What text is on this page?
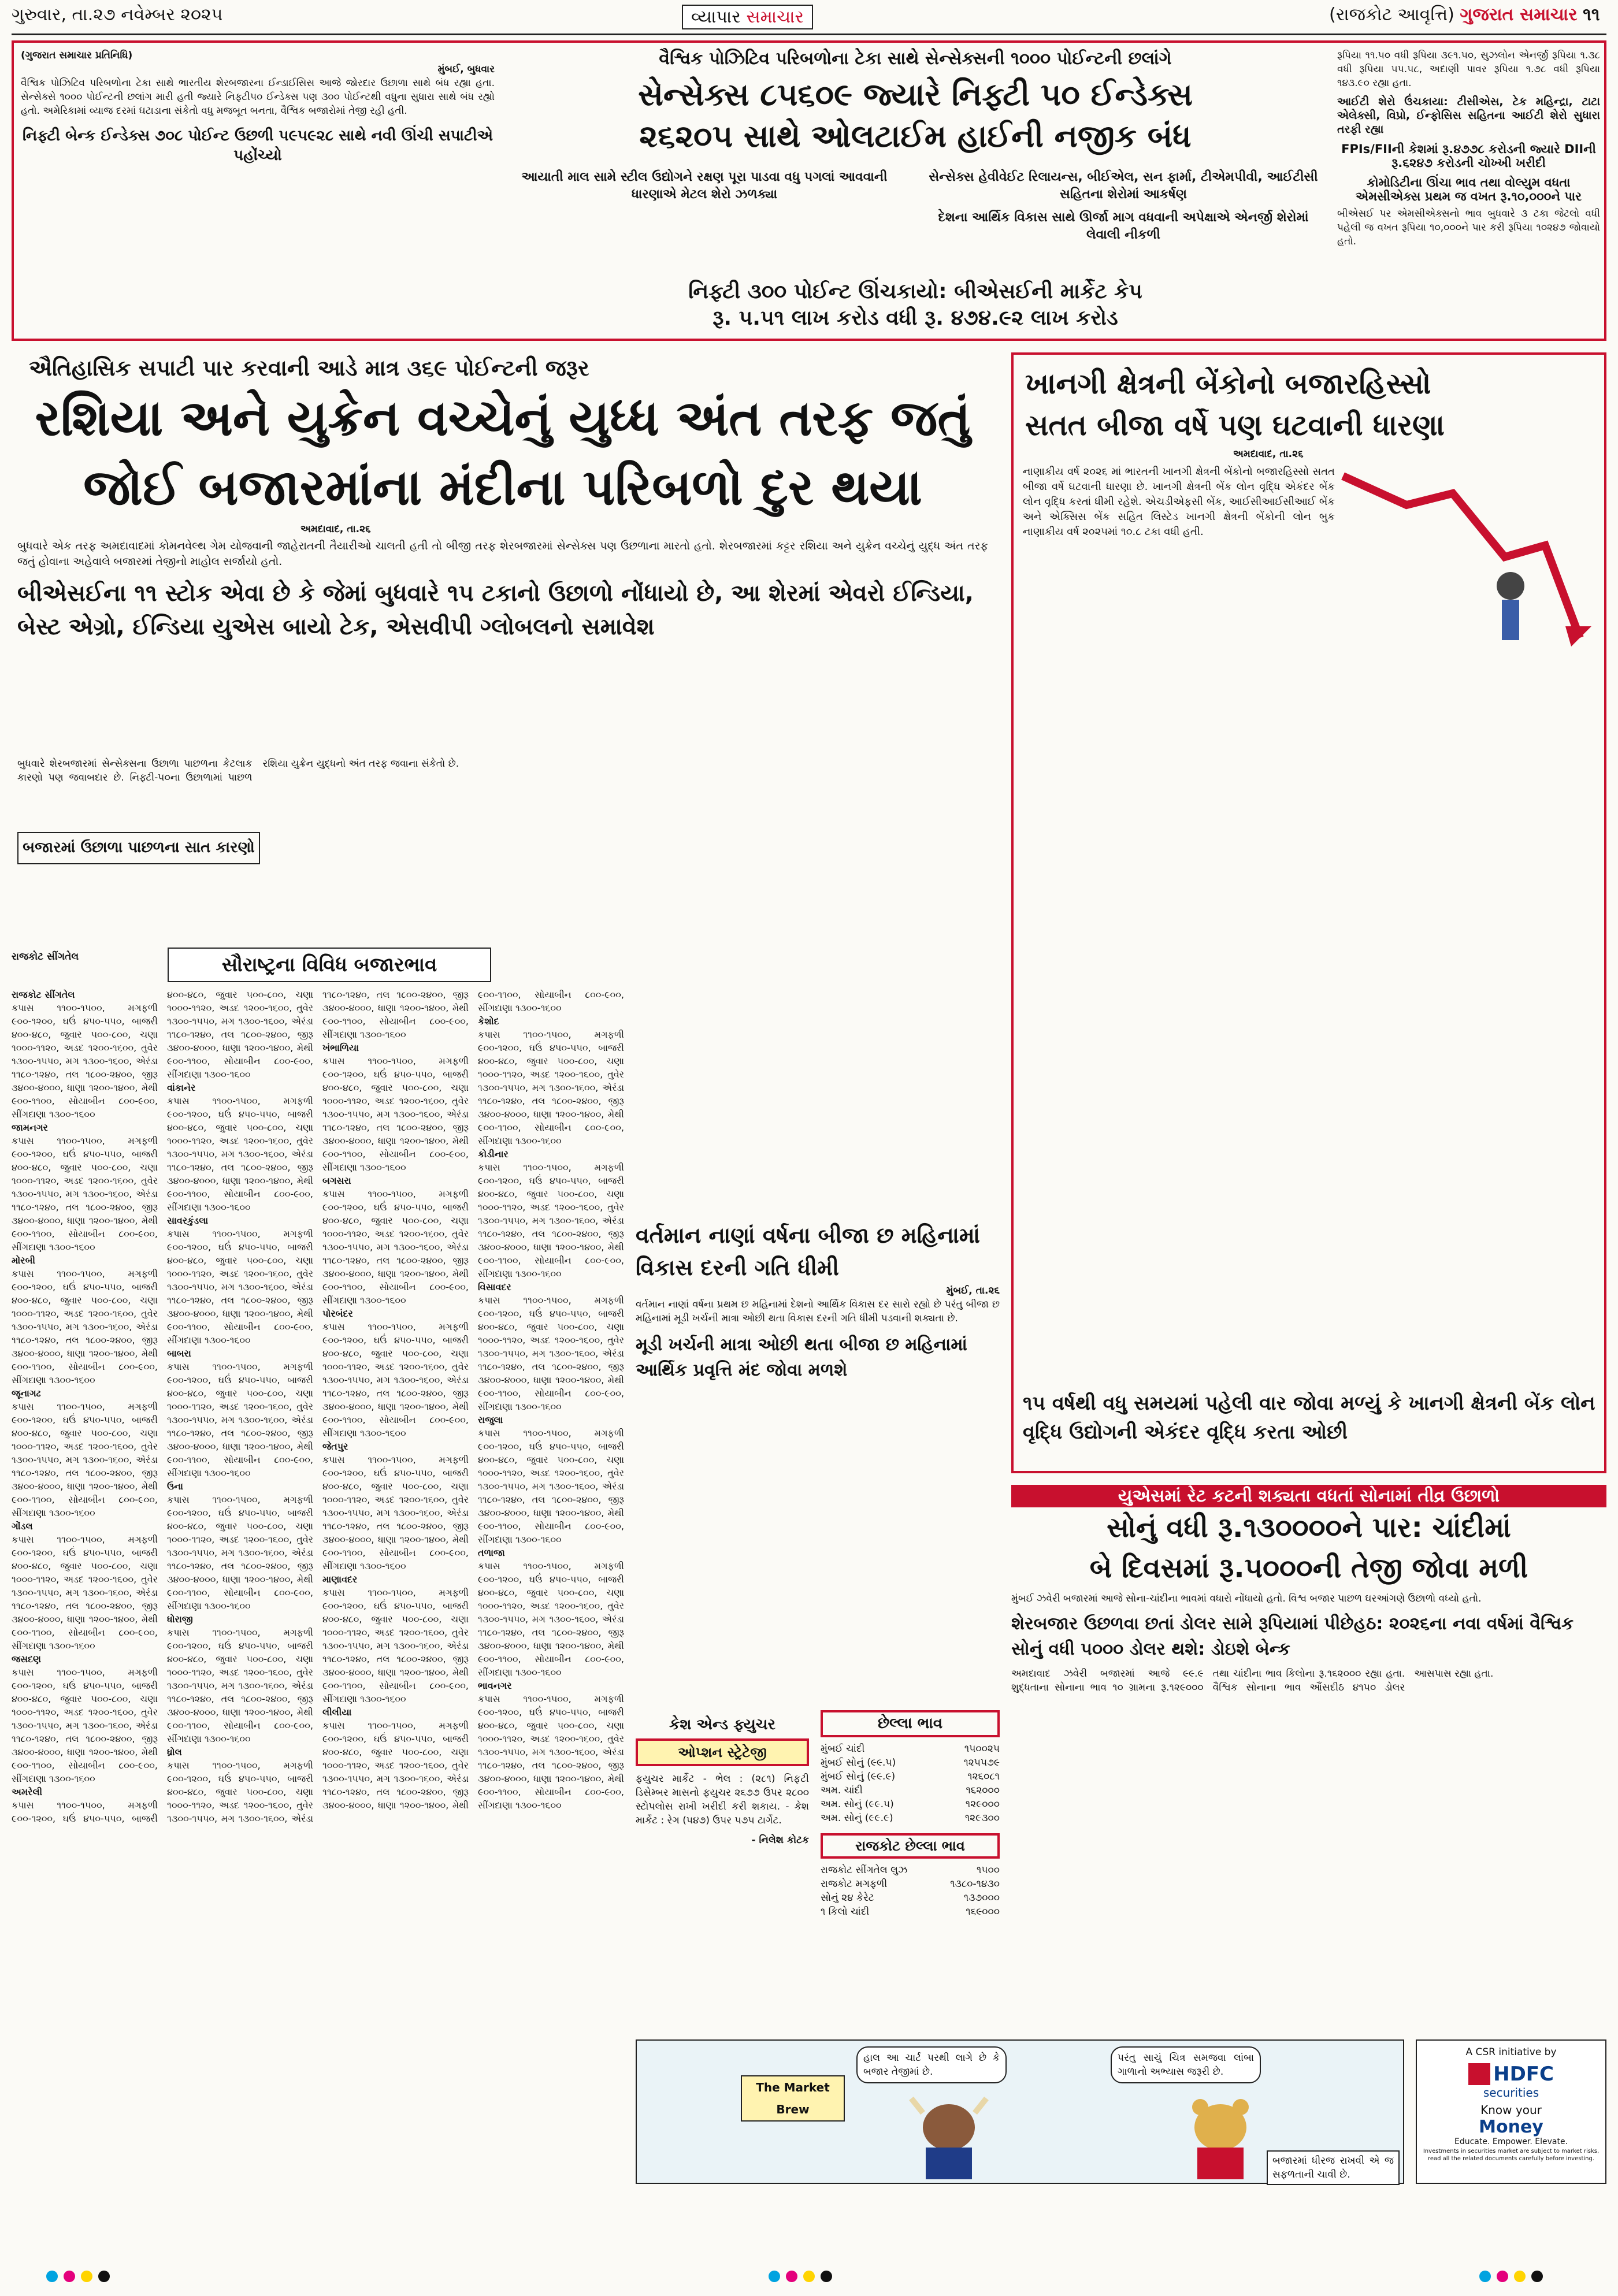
ગુરુવાર, તા.૨૭ નવેમ્બર ૨૦૨૫	વ્યાપાર સમાચાર	(રાજકોટ આવૃત્તિ) ગુજરાત સમાચાર ૧૧
(ગુજરાત સમાચાર પ્રતિનિધિ)
મુંબઈ, બુધવાર
વૈશ્વિક પોઝિટિવ પરિબળોના ટેકા સાથે ભારતીય શેરબજારના ઈન્ડાઈસિસ આજે જોરદાર ઉછાળા સાથે બંધ રહ્યા હતા. સેન્સેક્સે ૧૦૦૦ પોઈન્ટની છલાંગ મારી હતી જ્યારે નિફ્ટી૫૦ ઈન્ડેક્સ પણ ૩૦૦ પોઈન્ટથી વધુના સુધારા સાથે બંધ રહ્યો હતો. અમેરિકામાં વ્યાજ દરમાં ઘટાડાના સંકેતો વધુ મજબૂત બનતા, વૈશ્વિક બજારોમાં તેજી રહી હતી.
નિફ્ટી બેન્ક ઈન્ડેક્સ ૭૦૮ પોઈન્ટ ઉછળી ૫૯૫૯૨૮ સાથે નવી ઊંચી સપાટીએ પહોંચ્યો
વૈશ્વિક પોઝિટિવ પરિબળોના ટેકા સાથે સેન્સેક્સની ૧૦૦૦ પોઈન્ટની છલાંગે
સેન્સેક્સ ૮૫૬૦૯ જ્યારે નિફ્ટી ૫૦ ઈન્ડેક્સ
૨૬૨૦૫ સાથે ઓલટાઈમ હાઈની નજીક બંધ
આયાતી માલ સામે સ્ટીલ ઉદ્યોગને રક્ષણ પૂરા પાડવા વધુ પગલાં આવવાની ધારણાએ મેટલ શેરો ઝળક્યા
સેન્સેક્સ હેવીવેઈટ રિલાયન્સ, બીઈએલ, સન ફાર્મા, ટીએમપીવી, આઈટીસી સહિતના શેરોમાં આકર્ષણ
દેશના આર્થિક વિકાસ સાથે ઊર્જા માગ વધવાની અપેક્ષાએ એનર્જી શેરોમાં લેવાલી નીકળી
નિફ્ટી ૩૦૦ પોઈન્ટ ઊંચકાયો: બીએસઈની માર્કેટ કેપ
રૂ. ૫.૫૧ લાખ કરોડ વધી રૂ. ૪૭૪.૯૨ લાખ કરોડ
રૂપિયા ૧૧.૫૦ વધી રૂપિયા ૩૯૧.૫૦, સુઝલોન એનર્જી રૂપિયા ૧.૩૮ વધી રૂપિયા ૫૫.૫૮, અદાણી પાવર રૂપિયા ૧.૭૮ વધી રૂપિયા ૧૪૩.૯૦ રહ્યા હતા.
આઈટી શેરો ઉંચકાયા: ટીસીએસ, ટેક મહિન્દ્રા, ટાટા એલેક્સી, વિપ્રો, ઈન્ફોસિસ સહિતના આઈટી શેરો સુધારા તરફી રહ્યા
FPIs/FIIની કેશમાં રૂ.૪૭૭૮ કરોડની જ્યારે DIIની રૂ.૬૨૪૭ કરોડની ચોખ્ખી ખરીદી
કોમોડિટીના ઊંચા ભાવ તથા વોલ્યુમ વધતા એમસીએક્સ પ્રથમ જ વખત રૂ.૧૦,૦૦૦ને પાર
બીએસઈ પર એમસીએક્સનો ભાવ બુધવારે ૩ ટકા જેટલો વધી પહેલી જ વખત રૂપિયા ૧૦,૦૦૦ને પાર કરી રૂપિયા ૧૦૨૪૭ જોવાયો હતો.
ઐતિહાસિક સપાટી પાર કરવાની આડે માત્ર ૩૬૯ પોઈન્ટની જરૂર
રશિયા અને યુક્રેન વચ્ચેનું યુધ્ધ અંત તરફ જતું
જોઈ બજારમાંના મંદીના પરિબળો દુર થયા
અમદાવાદ, તા.૨૬
બુધવારે એક તરફ અમદાવાદમાં કોમનવેલ્થ ગેમ યોજવાની જાહેરાતની તૈયારીઓ ચાલતી હતી તો બીજી તરફ શેરબજારમાં સેન્સેક્સ પણ ઉછળાના મારતો હતો. શેરબજારમાં કટ્ટર રશિયા અને યુક્રેન વચ્ચેનું યુદ્ધ અંત તરફ જતું હોવાના અહેવાલે બજારમાં તેજીનો માહોલ સર્જાયો હતો.
બીએસઈના ૧૧ સ્ટોક એવા છે કે જેમાં બુધવારે ૧૫ ટકાનો ઉછાળો નોંધાયો છે, આ શેરમાં એવરો ઈન્ડિયા, બેસ્ટ એગ્રો, ઈન્ડિયા યુએસ બાયો ટેક, એસવીપી ગ્લોબલનો સમાવેશ
બુધવારે શેરબજારમાં સેન્સેક્સના ઉછાળા પાછળના કેટલાક કારણો પણ જવાબદાર છે. નિફ્ટી-૫૦ના ઉછાળામાં પાછળ રશિયા યુક્રેન યુદ્ધનો અંત તરફ જવાના સંકેતો છે.
બજારમાં ઉછાળા પાછળના સાત કારણો
ખાનગી ક્ષેત્રની બેંકોનો બજારહિસ્સો
સતત બીજા વર્ષે પણ ઘટવાની ધારણા
અમદાવાદ, તા.૨૬
નાણાકીય વર્ષ ૨૦૨૬ માં ભારતની ખાનગી ક્ષેત્રની બેંકોનો બજારહિસ્સો સતત બીજા વર્ષે ઘટવાની ધારણા છે. ખાનગી ક્ષેત્રની બેંક લોન વૃદ્ધિ એકંદર બેંક લોન વૃદ્ધિ કરતાં ધીમી રહેશે. એચડીએફસી બેંક, આઈસીઆઈસીઆઈ બેંક અને એક્સિસ બેંક સહિત લિસ્ટેડ ખાનગી ક્ષેત્રની બેંકોની લોન બુક નાણાકીય વર્ષ ૨૦૨૫માં ૧૦.૮ ટકા વધી હતી.
૧૫ વર્ષથી વધુ સમયમાં પહેલી વાર જોવા મળ્યું કે ખાનગી ક્ષેત્રની બેંક લોન વૃદ્ધિ ઉદ્યોગની એકંદર વૃદ્ધિ કરતા ઓછી
રાજકોટ સીંગતેલ	સૌરાષ્ટ્રના વિવિધ બજારભાવ
રાજકોટ સીંગતેલ
કપાસ ૧૧૦૦-૧૫૦૦, મગફળી ૯૦૦-૧૨૦૦, ઘઉં ૪૫૦-૫૫૦, બાજરી ૪૦૦-૪૮૦, જુવાર ૫૦૦-૮૦૦, ચણા ૧૦૦૦-૧૧૨૦, અડદ ૧૨૦૦-૧૬૦૦, તુવેર ૧૩૦૦-૧૫૫૦, મગ ૧૩૦૦-૧૬૦૦, એરંડા ૧૧૮૦-૧૨૪૦, તલ ૧૮૦૦-૨૪૦૦, જીરૂ ૩૪૦૦-૪૦૦૦, ધાણા ૧૨૦૦-૧૪૦૦, મેથી ૯૦૦-૧૧૦૦, સોયાબીન ૮૦૦-૯૦૦, સીંગદાણા ૧૩૦૦-૧૬૦૦
જામનગર
કપાસ ૧૧૦૦-૧૫૦૦, મગફળી ૯૦૦-૧૨૦૦, ઘઉં ૪૫૦-૫૫૦, બાજરી ૪૦૦-૪૮૦, જુવાર ૫૦૦-૮૦૦, ચણા ૧૦૦૦-૧૧૨૦, અડદ ૧૨૦૦-૧૬૦૦, તુવેર ૧૩૦૦-૧૫૫૦, મગ ૧૩૦૦-૧૬૦૦, એરંડા ૧૧૮૦-૧૨૪૦, તલ ૧૮૦૦-૨૪૦૦, જીરૂ ૩૪૦૦-૪૦૦૦, ધાણા ૧૨૦૦-૧૪૦૦, મેથી ૯૦૦-૧૧૦૦, સોયાબીન ૮૦૦-૯૦૦, સીંગદાણા ૧૩૦૦-૧૬૦૦
મોરબી
કપાસ ૧૧૦૦-૧૫૦૦, મગફળી ૯૦૦-૧૨૦૦, ઘઉં ૪૫૦-૫૫૦, બાજરી ૪૦૦-૪૮૦, જુવાર ૫૦૦-૮૦૦, ચણા ૧૦૦૦-૧૧૨૦, અડદ ૧૨૦૦-૧૬૦૦, તુવેર ૧૩૦૦-૧૫૫૦, મગ ૧૩૦૦-૧૬૦૦, એરંડા ૧૧૮૦-૧૨૪૦, તલ ૧૮૦૦-૨૪૦૦, જીરૂ ૩૪૦૦-૪૦૦૦, ધાણા ૧૨૦૦-૧૪૦૦, મેથી ૯૦૦-૧૧૦૦, સોયાબીન ૮૦૦-૯૦૦, સીંગદાણા ૧૩૦૦-૧૬૦૦
જૂનાગઢ
કપાસ ૧૧૦૦-૧૫૦૦, મગફળી ૯૦૦-૧૨૦૦, ઘઉં ૪૫૦-૫૫૦, બાજરી ૪૦૦-૪૮૦, જુવાર ૫૦૦-૮૦૦, ચણા ૧૦૦૦-૧૧૨૦, અડદ ૧૨૦૦-૧૬૦૦, તુવેર ૧૩૦૦-૧૫૫૦, મગ ૧૩૦૦-૧૬૦૦, એરંડા ૧૧૮૦-૧૨૪૦, તલ ૧૮૦૦-૨૪૦૦, જીરૂ ૩૪૦૦-૪૦૦૦, ધાણા ૧૨૦૦-૧૪૦૦, મેથી ૯૦૦-૧૧૦૦, સોયાબીન ૮૦૦-૯૦૦, સીંગદાણા ૧૩૦૦-૧૬૦૦
ગોંડલ
કપાસ ૧૧૦૦-૧૫૦૦, મગફળી ૯૦૦-૧૨૦૦, ઘઉં ૪૫૦-૫૫૦, બાજરી ૪૦૦-૪૮૦, જુવાર ૫૦૦-૮૦૦, ચણા ૧૦૦૦-૧૧૨૦, અડદ ૧૨૦૦-૧૬૦૦, તુવેર ૧૩૦૦-૧૫૫૦, મગ ૧૩૦૦-૧૬૦૦, એરંડા ૧૧૮૦-૧૨૪૦, તલ ૧૮૦૦-૨૪૦૦, જીરૂ ૩૪૦૦-૪૦૦૦, ધાણા ૧૨૦૦-૧૪૦૦, મેથી ૯૦૦-૧૧૦૦, સોયાબીન ૮૦૦-૯૦૦, સીંગદાણા ૧૩૦૦-૧૬૦૦
જસદણ
કપાસ ૧૧૦૦-૧૫૦૦, મગફળી ૯૦૦-૧૨૦૦, ઘઉં ૪૫૦-૫૫૦, બાજરી ૪૦૦-૪૮૦, જુવાર ૫૦૦-૮૦૦, ચણા ૧૦૦૦-૧૧૨૦, અડદ ૧૨૦૦-૧૬૦૦, તુવેર ૧૩૦૦-૧૫૫૦, મગ ૧૩૦૦-૧૬૦૦, એરંડા ૧૧૮૦-૧૨૪૦, તલ ૧૮૦૦-૨૪૦૦, જીરૂ ૩૪૦૦-૪૦૦૦, ધાણા ૧૨૦૦-૧૪૦૦, મેથી ૯૦૦-૧૧૦૦, સોયાબીન ૮૦૦-૯૦૦, સીંગદાણા ૧૩૦૦-૧૬૦૦
અમરેલી
કપાસ ૧૧૦૦-૧૫૦૦, મગફળી ૯૦૦-૧૨૦૦, ઘઉં ૪૫૦-૫૫૦, બાજરી ૪૦૦-૪૮૦, જુવાર ૫૦૦-૮૦૦, ચણા ૧૦૦૦-૧૧૨૦, અડદ ૧૨૦૦-૧૬૦૦, તુવેર ૧૩૦૦-૧૫૫૦, મગ ૧૩૦૦-૧૬૦૦, એરંડા ૧૧૮૦-૧૨૪૦, તલ ૧૮૦૦-૨૪૦૦, જીરૂ ૩૪૦૦-૪૦૦૦, ધાણા ૧૨૦૦-૧૪૦૦, મેથી ૯૦૦-૧૧૦૦, સોયાબીન ૮૦૦-૯૦૦, સીંગદાણા ૧૩૦૦-૧૬૦૦
વાંકાનેર
કપાસ ૧૧૦૦-૧૫૦૦, મગફળી ૯૦૦-૧૨૦૦, ઘઉં ૪૫૦-૫૫૦, બાજરી ૪૦૦-૪૮૦, જુવાર ૫૦૦-૮૦૦, ચણા ૧૦૦૦-૧૧૨૦, અડદ ૧૨૦૦-૧૬૦૦, તુવેર ૧૩૦૦-૧૫૫૦, મગ ૧૩૦૦-૧૬૦૦, એરંડા ૧૧૮૦-૧૨૪૦, તલ ૧૮૦૦-૨૪૦૦, જીરૂ ૩૪૦૦-૪૦૦૦, ધાણા ૧૨૦૦-૧૪૦૦, મેથી ૯૦૦-૧૧૦૦, સોયાબીન ૮૦૦-૯૦૦, સીંગદાણા ૧૩૦૦-૧૬૦૦
સાવરકુંડલા
કપાસ ૧૧૦૦-૧૫૦૦, મગફળી ૯૦૦-૧૨૦૦, ઘઉં ૪૫૦-૫૫૦, બાજરી ૪૦૦-૪૮૦, જુવાર ૫૦૦-૮૦૦, ચણા ૧૦૦૦-૧૧૨૦, અડદ ૧૨૦૦-૧૬૦૦, તુવેર ૧૩૦૦-૧૫૫૦, મગ ૧૩૦૦-૧૬૦૦, એરંડા ૧૧૮૦-૧૨૪૦, તલ ૧૮૦૦-૨૪૦૦, જીરૂ ૩૪૦૦-૪૦૦૦, ધાણા ૧૨૦૦-૧૪૦૦, મેથી ૯૦૦-૧૧૦૦, સોયાબીન ૮૦૦-૯૦૦, સીંગદાણા ૧૩૦૦-૧૬૦૦
બાબરા
કપાસ ૧૧૦૦-૧૫૦૦, મગફળી ૯૦૦-૧૨૦૦, ઘઉં ૪૫૦-૫૫૦, બાજરી ૪૦૦-૪૮૦, જુવાર ૫૦૦-૮૦૦, ચણા ૧૦૦૦-૧૧૨૦, અડદ ૧૨૦૦-૧૬૦૦, તુવેર ૧૩૦૦-૧૫૫૦, મગ ૧૩૦૦-૧૬૦૦, એરંડા ૧૧૮૦-૧૨૪૦, તલ ૧૮૦૦-૨૪૦૦, જીરૂ ૩૪૦૦-૪૦૦૦, ધાણા ૧૨૦૦-૧૪૦૦, મેથી ૯૦૦-૧૧૦૦, સોયાબીન ૮૦૦-૯૦૦, સીંગદાણા ૧૩૦૦-૧૬૦૦
ઉના
કપાસ ૧૧૦૦-૧૫૦૦, મગફળી ૯૦૦-૧૨૦૦, ઘઉં ૪૫૦-૫૫૦, બાજરી ૪૦૦-૪૮૦, જુવાર ૫૦૦-૮૦૦, ચણા ૧૦૦૦-૧૧૨૦, અડદ ૧૨૦૦-૧૬૦૦, તુવેર ૧૩૦૦-૧૫૫૦, મગ ૧૩૦૦-૧૬૦૦, એરંડા ૧૧૮૦-૧૨૪૦, તલ ૧૮૦૦-૨૪૦૦, જીરૂ ૩૪૦૦-૪૦૦૦, ધાણા ૧૨૦૦-૧૪૦૦, મેથી ૯૦૦-૧૧૦૦, સોયાબીન ૮૦૦-૯૦૦, સીંગદાણા ૧૩૦૦-૧૬૦૦
ધોરાજી
કપાસ ૧૧૦૦-૧૫૦૦, મગફળી ૯૦૦-૧૨૦૦, ઘઉં ૪૫૦-૫૫૦, બાજરી ૪૦૦-૪૮૦, જુવાર ૫૦૦-૮૦૦, ચણા ૧૦૦૦-૧૧૨૦, અડદ ૧૨૦૦-૧૬૦૦, તુવેર ૧૩૦૦-૧૫૫૦, મગ ૧૩૦૦-૧૬૦૦, એરંડા ૧૧૮૦-૧૨૪૦, તલ ૧૮૦૦-૨૪૦૦, જીરૂ ૩૪૦૦-૪૦૦૦, ધાણા ૧૨૦૦-૧૪૦૦, મેથી ૯૦૦-૧૧૦૦, સોયાબીન ૮૦૦-૯૦૦, સીંગદાણા ૧૩૦૦-૧૬૦૦
ધ્રોલ
કપાસ ૧૧૦૦-૧૫૦૦, મગફળી ૯૦૦-૧૨૦૦, ઘઉં ૪૫૦-૫૫૦, બાજરી ૪૦૦-૪૮૦, જુવાર ૫૦૦-૮૦૦, ચણા ૧૦૦૦-૧૧૨૦, અડદ ૧૨૦૦-૧૬૦૦, તુવેર ૧૩૦૦-૧૫૫૦, મગ ૧૩૦૦-૧૬૦૦, એરંડા ૧૧૮૦-૧૨૪૦, તલ ૧૮૦૦-૨૪૦૦, જીરૂ ૩૪૦૦-૪૦૦૦, ધાણા ૧૨૦૦-૧૪૦૦, મેથી ૯૦૦-૧૧૦૦, સોયાબીન ૮૦૦-૯૦૦, સીંગદાણા ૧૩૦૦-૧૬૦૦
ખંભાળિયા
કપાસ ૧૧૦૦-૧૫૦૦, મગફળી ૯૦૦-૧૨૦૦, ઘઉં ૪૫૦-૫૫૦, બાજરી ૪૦૦-૪૮૦, જુવાર ૫૦૦-૮૦૦, ચણા ૧૦૦૦-૧૧૨૦, અડદ ૧૨૦૦-૧૬૦૦, તુવેર ૧૩૦૦-૧૫૫૦, મગ ૧૩૦૦-૧૬૦૦, એરંડા ૧૧૮૦-૧૨૪૦, તલ ૧૮૦૦-૨૪૦૦, જીરૂ ૩૪૦૦-૪૦૦૦, ધાણા ૧૨૦૦-૧૪૦૦, મેથી ૯૦૦-૧૧૦૦, સોયાબીન ૮૦૦-૯૦૦, સીંગદાણા ૧૩૦૦-૧૬૦૦
બગસરા
કપાસ ૧૧૦૦-૧૫૦૦, મગફળી ૯૦૦-૧૨૦૦, ઘઉં ૪૫૦-૫૫૦, બાજરી ૪૦૦-૪૮૦, જુવાર ૫૦૦-૮૦૦, ચણા ૧૦૦૦-૧૧૨૦, અડદ ૧૨૦૦-૧૬૦૦, તુવેર ૧૩૦૦-૧૫૫૦, મગ ૧૩૦૦-૧૬૦૦, એરંડા ૧૧૮૦-૧૨૪૦, તલ ૧૮૦૦-૨૪૦૦, જીરૂ ૩૪૦૦-૪૦૦૦, ધાણા ૧૨૦૦-૧૪૦૦, મેથી ૯૦૦-૧૧૦૦, સોયાબીન ૮૦૦-૯૦૦, સીંગદાણા ૧૩૦૦-૧૬૦૦
પોરબંદર
કપાસ ૧૧૦૦-૧૫૦૦, મગફળી ૯૦૦-૧૨૦૦, ઘઉં ૪૫૦-૫૫૦, બાજરી ૪૦૦-૪૮૦, જુવાર ૫૦૦-૮૦૦, ચણા ૧૦૦૦-૧૧૨૦, અડદ ૧૨૦૦-૧૬૦૦, તુવેર ૧૩૦૦-૧૫૫૦, મગ ૧૩૦૦-૧૬૦૦, એરંડા ૧૧૮૦-૧૨૪૦, તલ ૧૮૦૦-૨૪૦૦, જીરૂ ૩૪૦૦-૪૦૦૦, ધાણા ૧૨૦૦-૧૪૦૦, મેથી ૯૦૦-૧૧૦૦, સોયાબીન ૮૦૦-૯૦૦, સીંગદાણા ૧૩૦૦-૧૬૦૦
જેતપુર
કપાસ ૧૧૦૦-૧૫૦૦, મગફળી ૯૦૦-૧૨૦૦, ઘઉં ૪૫૦-૫૫૦, બાજરી ૪૦૦-૪૮૦, જુવાર ૫૦૦-૮૦૦, ચણા ૧૦૦૦-૧૧૨૦, અડદ ૧૨૦૦-૧૬૦૦, તુવેર ૧૩૦૦-૧૫૫૦, મગ ૧૩૦૦-૧૬૦૦, એરંડા ૧૧૮૦-૧૨૪૦, તલ ૧૮૦૦-૨૪૦૦, જીરૂ ૩૪૦૦-૪૦૦૦, ધાણા ૧૨૦૦-૧૪૦૦, મેથી ૯૦૦-૧૧૦૦, સોયાબીન ૮૦૦-૯૦૦, સીંગદાણા ૧૩૦૦-૧૬૦૦
માણાવદર
કપાસ ૧૧૦૦-૧૫૦૦, મગફળી ૯૦૦-૧૨૦૦, ઘઉં ૪૫૦-૫૫૦, બાજરી ૪૦૦-૪૮૦, જુવાર ૫૦૦-૮૦૦, ચણા ૧૦૦૦-૧૧૨૦, અડદ ૧૨૦૦-૧૬૦૦, તુવેર ૧૩૦૦-૧૫૫૦, મગ ૧૩૦૦-૧૬૦૦, એરંડા ૧૧૮૦-૧૨૪૦, તલ ૧૮૦૦-૨૪૦૦, જીરૂ ૩૪૦૦-૪૦૦૦, ધાણા ૧૨૦૦-૧૪૦૦, મેથી ૯૦૦-૧૧૦૦, સોયાબીન ૮૦૦-૯૦૦, સીંગદાણા ૧૩૦૦-૧૬૦૦
લીલીયા
કપાસ ૧૧૦૦-૧૫૦૦, મગફળી ૯૦૦-૧૨૦૦, ઘઉં ૪૫૦-૫૫૦, બાજરી ૪૦૦-૪૮૦, જુવાર ૫૦૦-૮૦૦, ચણા ૧૦૦૦-૧૧૨૦, અડદ ૧૨૦૦-૧૬૦૦, તુવેર ૧૩૦૦-૧૫૫૦, મગ ૧૩૦૦-૧૬૦૦, એરંડા ૧૧૮૦-૧૨૪૦, તલ ૧૮૦૦-૨૪૦૦, જીરૂ ૩૪૦૦-૪૦૦૦, ધાણા ૧૨૦૦-૧૪૦૦, મેથી ૯૦૦-૧૧૦૦, સોયાબીન ૮૦૦-૯૦૦, સીંગદાણા ૧૩૦૦-૧૬૦૦
કેશોદ
કપાસ ૧૧૦૦-૧૫૦૦, મગફળી ૯૦૦-૧૨૦૦, ઘઉં ૪૫૦-૫૫૦, બાજરી ૪૦૦-૪૮૦, જુવાર ૫૦૦-૮૦૦, ચણા ૧૦૦૦-૧૧૨૦, અડદ ૧૨૦૦-૧૬૦૦, તુવેર ૧૩૦૦-૧૫૫૦, મગ ૧૩૦૦-૧૬૦૦, એરંડા ૧૧૮૦-૧૨૪૦, તલ ૧૮૦૦-૨૪૦૦, જીરૂ ૩૪૦૦-૪૦૦૦, ધાણા ૧૨૦૦-૧૪૦૦, મેથી ૯૦૦-૧૧૦૦, સોયાબીન ૮૦૦-૯૦૦, સીંગદાણા ૧૩૦૦-૧૬૦૦
કોડીનાર
કપાસ ૧૧૦૦-૧૫૦૦, મગફળી ૯૦૦-૧૨૦૦, ઘઉં ૪૫૦-૫૫૦, બાજરી ૪૦૦-૪૮૦, જુવાર ૫૦૦-૮૦૦, ચણા ૧૦૦૦-૧૧૨૦, અડદ ૧૨૦૦-૧૬૦૦, તુવેર ૧૩૦૦-૧૫૫૦, મગ ૧૩૦૦-૧૬૦૦, એરંડા ૧૧૮૦-૧૨૪૦, તલ ૧૮૦૦-૨૪૦૦, જીરૂ ૩૪૦૦-૪૦૦૦, ધાણા ૧૨૦૦-૧૪૦૦, મેથી ૯૦૦-૧૧૦૦, સોયાબીન ૮૦૦-૯૦૦, સીંગદાણા ૧૩૦૦-૧૬૦૦
વિસાવદર
કપાસ ૧૧૦૦-૧૫૦૦, મગફળી ૯૦૦-૧૨૦૦, ઘઉં ૪૫૦-૫૫૦, બાજરી ૪૦૦-૪૮૦, જુવાર ૫૦૦-૮૦૦, ચણા ૧૦૦૦-૧૧૨૦, અડદ ૧૨૦૦-૧૬૦૦, તુવેર ૧૩૦૦-૧૫૫૦, મગ ૧૩૦૦-૧૬૦૦, એરંડા ૧૧૮૦-૧૨૪૦, તલ ૧૮૦૦-૨૪૦૦, જીરૂ ૩૪૦૦-૪૦૦૦, ધાણા ૧૨૦૦-૧૪૦૦, મેથી ૯૦૦-૧૧૦૦, સોયાબીન ૮૦૦-૯૦૦, સીંગદાણા ૧૩૦૦-૧૬૦૦
રાજુલા
કપાસ ૧૧૦૦-૧૫૦૦, મગફળી ૯૦૦-૧૨૦૦, ઘઉં ૪૫૦-૫૫૦, બાજરી ૪૦૦-૪૮૦, જુવાર ૫૦૦-૮૦૦, ચણા ૧૦૦૦-૧૧૨૦, અડદ ૧૨૦૦-૧૬૦૦, તુવેર ૧૩૦૦-૧૫૫૦, મગ ૧૩૦૦-૧૬૦૦, એરંડા ૧૧૮૦-૧૨૪૦, તલ ૧૮૦૦-૨૪૦૦, જીરૂ ૩૪૦૦-૪૦૦૦, ધાણા ૧૨૦૦-૧૪૦૦, મેથી ૯૦૦-૧૧૦૦, સોયાબીન ૮૦૦-૯૦૦, સીંગદાણા ૧૩૦૦-૧૬૦૦
તળાજા
કપાસ ૧૧૦૦-૧૫૦૦, મગફળી ૯૦૦-૧૨૦૦, ઘઉં ૪૫૦-૫૫૦, બાજરી ૪૦૦-૪૮૦, જુવાર ૫૦૦-૮૦૦, ચણા ૧૦૦૦-૧૧૨૦, અડદ ૧૨૦૦-૧૬૦૦, તુવેર ૧૩૦૦-૧૫૫૦, મગ ૧૩૦૦-૧૬૦૦, એરંડા ૧૧૮૦-૧૨૪૦, તલ ૧૮૦૦-૨૪૦૦, જીરૂ ૩૪૦૦-૪૦૦૦, ધાણા ૧૨૦૦-૧૪૦૦, મેથી ૯૦૦-૧૧૦૦, સોયાબીન ૮૦૦-૯૦૦, સીંગદાણા ૧૩૦૦-૧૬૦૦
ભાવનગર
કપાસ ૧૧૦૦-૧૫૦૦, મગફળી ૯૦૦-૧૨૦૦, ઘઉં ૪૫૦-૫૫૦, બાજરી ૪૦૦-૪૮૦, જુવાર ૫૦૦-૮૦૦, ચણા ૧૦૦૦-૧૧૨૦, અડદ ૧૨૦૦-૧૬૦૦, તુવેર ૧૩૦૦-૧૫૫૦, મગ ૧૩૦૦-૧૬૦૦, એરંડા ૧૧૮૦-૧૨૪૦, તલ ૧૮૦૦-૨૪૦૦, જીરૂ ૩૪૦૦-૪૦૦૦, ધાણા ૧૨૦૦-૧૪૦૦, મેથી ૯૦૦-૧૧૦૦, સોયાબીન ૮૦૦-૯૦૦, સીંગદાણા ૧૩૦૦-૧૬૦૦
વર્તમાન નાણાં વર્ષના બીજા છ મહિનામાં વિકાસ દરની ગતિ ધીમી
મુંબઈ, તા.૨૬
વર્તમાન નાણાં વર્ષના પ્રથમ છ મહિનામાં દેશનો આર્થિક વિકાસ દર સારો રહ્યો છે પરંતુ બીજા છ મહિનામાં મૂડી ખર્ચની માત્રા ઓછી થતા વિકાસ દરની ગતિ ધીમી પડવાની શક્યતા છે.
મૂડી ખર્ચની માત્રા ઓછી થતા બીજા છ મહિનામાં આર્થિક પ્રવૃત્તિ મંદ જોવા મળશે
કેશ એન્ડ ફ્યુચર
ઓપ્શન સ્ટ્રેટેજી
ફયુચર માર્કેટ - ભેલ : (૨૮૧) નિફટી ડિસેમ્બર માસનો ફયુચર ૨૬૭૭ ઉપર ૨૮૦૦ સ્ટોપલોસ રાખી ખરીદી કરી શકાય. - કેશ માર્કેટ : રેગ (૫૪૭) ઉપર ૫૭૫ ટાર્ગેટ.
- નિલેશ કોટક
છેલ્લા ભાવ
મુંબઈ ચાંદી	૧૫૦૦૨૫
મુંબઈ સોનું (૯૯.૫)	૧૨૫૫૭૯
મુંબઈ સોનું (૯૯.૯)	૧૨૬૦૮૧
અમ. ચાંદી	૧૬૨૦૦૦
અમ. સોનું (૯૯.૫)	૧૨૯૦૦૦
અમ. સોનું (૯૯.૯)	૧૨૯૩૦૦
રાજકોટ છેલ્લા ભાવ
રાજકોટ સીંગતેલ લુઝ	૧૫૦૦
રાજકોટ મગફળી	૧૩૮૦-૧૪૩૦
સોનું ૨૪ કેરેટ	૧૩૭૦૦૦
૧ કિલો ચાંદી	૧૬૯૦૦૦
યુએસમાં રેટ કટની શક્યતા વધતાં સોનામાં તીવ્ર ઉછાળો
સોનું વધી રૂ.૧૩૦૦૦૦ને પાર: ચાંદીમાં
બે દિવસમાં રૂ.૫૦૦૦ની તેજી જોવા મળી
મુંબઈ ઝવેરી બજારમાં આજે સોના-ચાંદીના ભાવમાં વધારો નોંધાયો હતો. વિશ્વ બજાર પાછળ ઘરઆંગણે ઉછાળો વધ્યો હતો.
શેરબજાર ઉછળવા છતાં ડોલર સામે રૂપિયામાં પીછેહઠ: ૨૦૨૬ના નવા વર્ષમાં વૈશ્વિક સોનું વધી ૫૦૦૦ ડોલર થશે: ડોઇશે બેન્ક
અમદાવાદ ઝવેરી બજારમાં આજે ૯૯.૯ શુદ્ધતાના સોનાના ભાવ ૧૦ ગ્રામના રૂ.૧૨૯૦૦૦ તથા ચાંદીના ભાવ કિલોના રૂ.૧૬૨૦૦૦ રહ્યા હતા. વૈશ્વિક સોનાના ભાવ ઔંસદીઠ ૪૧૫૦ ડોલર આસપાસ રહ્યા હતા.
The Market Brew
હાલ આ ચાર્ટ પરથી લાગે છે કે બજાર તેજીમાં છે.
પરંતુ સાચું ચિત્ર સમજવા લાંબા ગાળાનો અભ્યાસ જરૂરી છે.
બજારમાં ધીરજ રાખવી એ જ સફળતાની ચાવી છે.
A CSR initiative by
HDFC
securities
Know your
Money
Educate. Empower. Elevate.
Investments in securities market are subject to market risks, read all the related documents carefully before investing.
